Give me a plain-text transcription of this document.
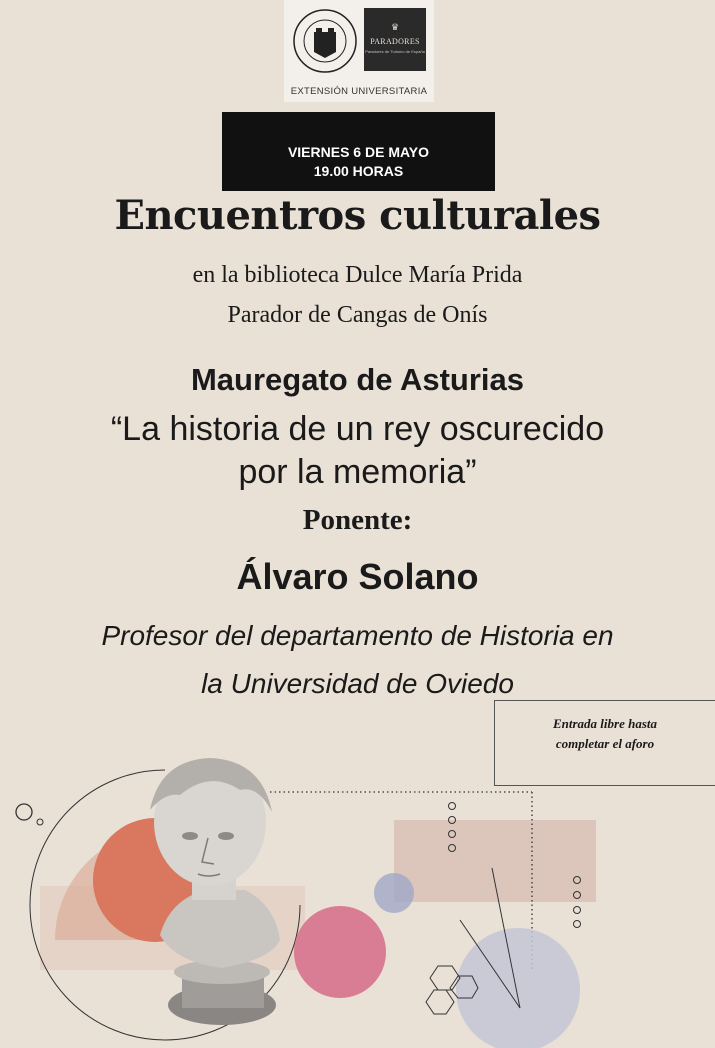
♛
PARADORES
Paradores de Turismo de España
EXTENSIÓN UNIVERSITARIA
VIERNES 6 DE MAYO
19.00 HORAS
Encuentros culturales
en la biblioteca Dulce María Prida
Parador de Cangas de Onís
Mauregato de Asturias
“La historia de un rey oscurecido
por la memoria”
Ponente:
Álvaro Solano
Profesor del departamento de Historia en
la Universidad de Oviedo
Entrada libre hasta
completar el aforo
